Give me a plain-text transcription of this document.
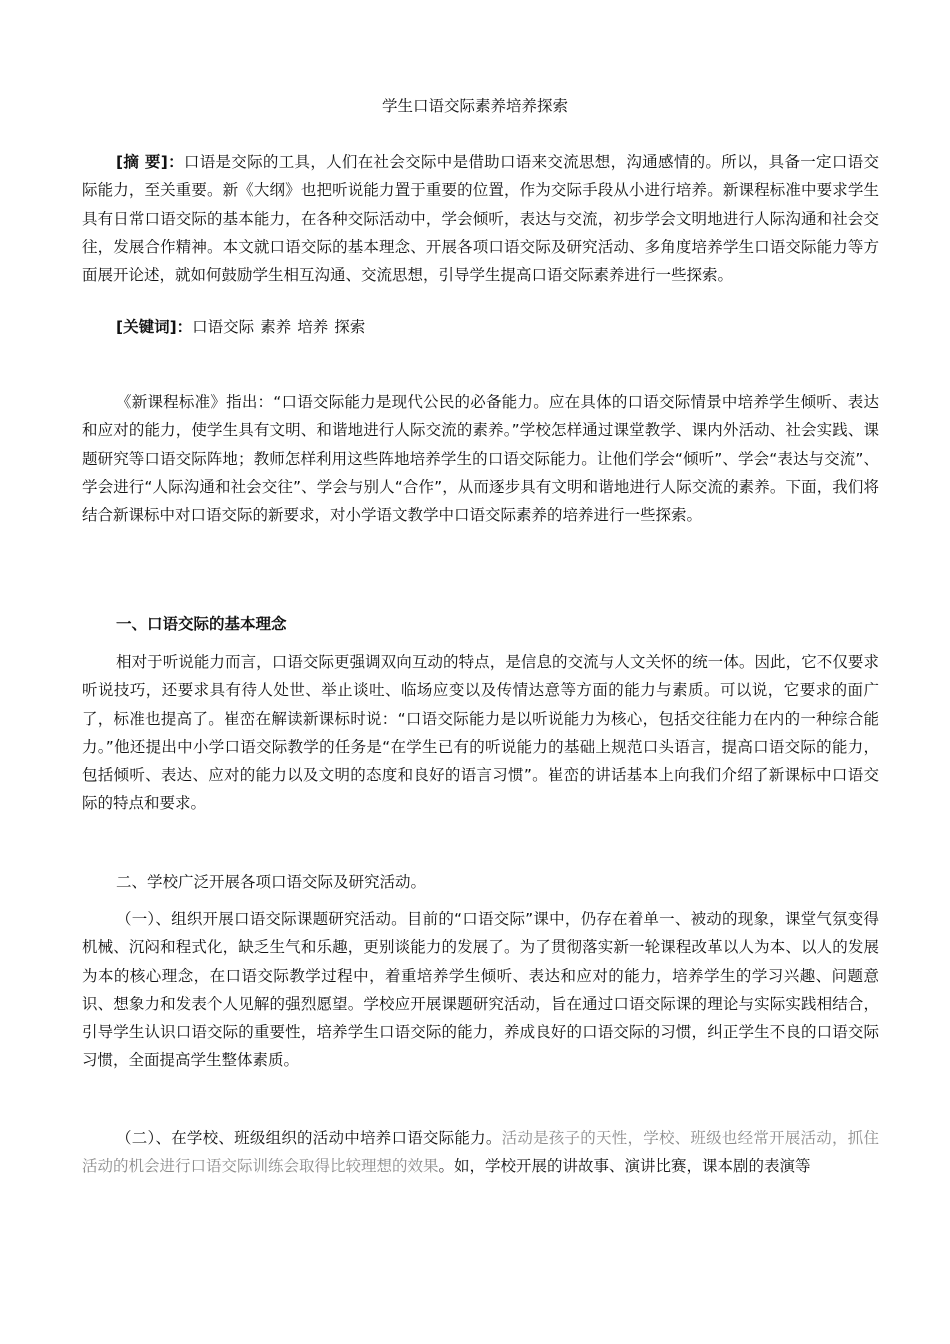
学生口语交际素养培养探索

[摘 要]：口语是交际的工具，人们在社会交际中是借助口语来交流思想，沟通感情的。所以，具备一定口语交际能力，至关重要。新《大纲》也把听说能力置于重要的位置，作为交际手段从小进行培养。新课程标准中要求学生具有日常口语交际的基本能力，在各种交际活动中，学会倾听，表达与交流，初步学会文明地进行人际沟通和社会交往，发展合作精神。本文就口语交际的基本理念、开展各项口语交际及研究活动、多角度培养学生口语交际能力等方面展开论述，就如何鼓励学生相互沟通、交流思想，引导学生提高口语交际素养进行一些探索。

[关键词]：口语交际 素养 培养 探索

《新课程标准》指出：“口语交际能力是现代公民的必备能力。应在具体的口语交际情景中培养学生倾听、表达和应对的能力，使学生具有文明、和谐地进行人际交流的素养。”学校怎样通过课堂教学、课内外活动、社会实践、课题研究等口语交际阵地；教师怎样利用这些阵地培养学生的口语交际能力。让他们学会“倾听”、学会“表达与交流”、学会进行“人际沟通和社会交往”、学会与别人“合作”，从而逐步具有文明和谐地进行人际交流的素养。下面，我们将结合新课标中对口语交际的新要求，对小学语文教学中口语交际素养的培养进行一些探索。

一、口语交际的基本理念

相对于听说能力而言，口语交际更强调双向互动的特点，是信息的交流与人文关怀的统一体。因此，它不仅要求听说技巧，还要求具有待人处世、举止谈吐、临场应变以及传情达意等方面的能力与素质。可以说，它要求的面广了，标准也提高了。崔峦在解读新课标时说：“口语交际能力是以听说能力为核心，包括交往能力在内的一种综合能力。”他还提出中小学口语交际教学的任务是“在学生已有的听说能力的基础上规范口头语言，提高口语交际的能力，包括倾听、表达、应对的能力以及文明的态度和良好的语言习惯”。崔峦的讲话基本上向我们介绍了新课标中口语交际的特点和要求。

二、学校广泛开展各项口语交际及研究活动。

（一）、组织开展口语交际课题研究活动。目前的“口语交际”课中，仍存在着单一、被动的现象，课堂气氛变得机械、沉闷和程式化，缺乏生气和乐趣，更别谈能力的发展了。为了贯彻落实新一轮课程改革以人为本、以人的发展为本的核心理念，在口语交际教学过程中，着重培养学生倾听、表达和应对的能力，培养学生的学习兴趣、问题意识、想象力和发表个人见解的强烈愿望。学校应开展课题研究活动，旨在通过口语交际课的理论与实际实践相结合，引导学生认识口语交际的重要性，培养学生口语交际的能力，养成良好的口语交际的习惯，纠正学生不良的口语交际习惯，全面提高学生整体素质。

（二）、在学校、班级组织的活动中培养口语交际能力。活动是孩子的天性，学校、班级也经常开展活动，抓住活动的机会进行口语交际训练会取得比较理想的效果。如，学校开展的讲故事、演讲比赛，课本剧的表演等
